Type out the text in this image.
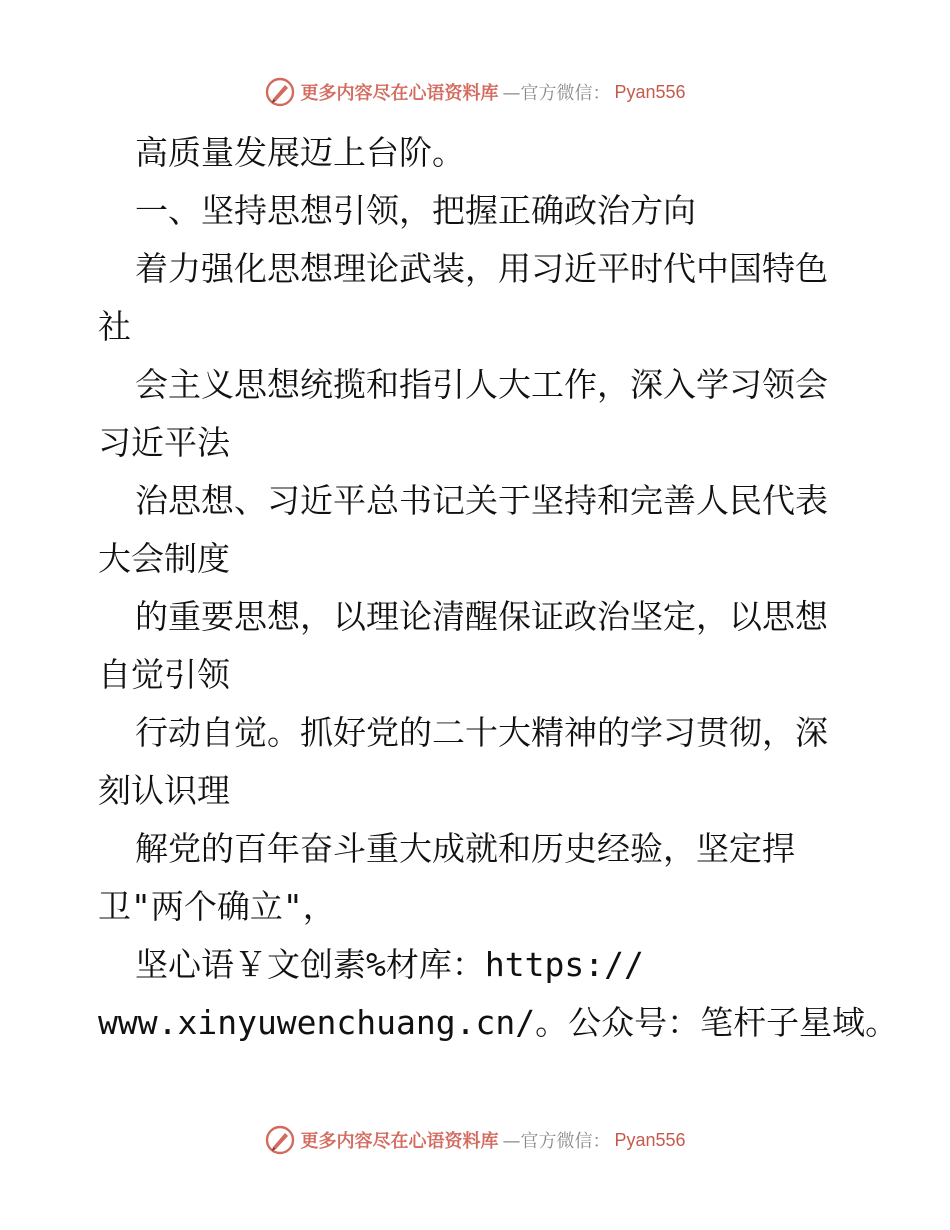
更多内容尽在心语资料库 —官方微信： Pyan556
高质量发展迈上台阶。
一、坚持思想引领，把握正确政治方向
着力强化思想理论武装，用习近平时代中国特色
社
会主义思想统揽和指引人大工作，深入学习领会
习近平法
治思想、习近平总书记关于坚持和完善人民代表
大会制度
的重要思想，以理论清醒保证政治坚定，以思想
自觉引领
行动自觉。抓好党的二十大精神的学习贯彻，深
刻认识理
解党的百年奋斗重大成就和历史经验，坚定捍
卫"两个确立"，
坚心语￥文创素%材库：https://
www.xinyuwenchuang.cn/。公众号：笔杆子星域。
更多内容尽在心语资料库 —官方微信： Pyan556
